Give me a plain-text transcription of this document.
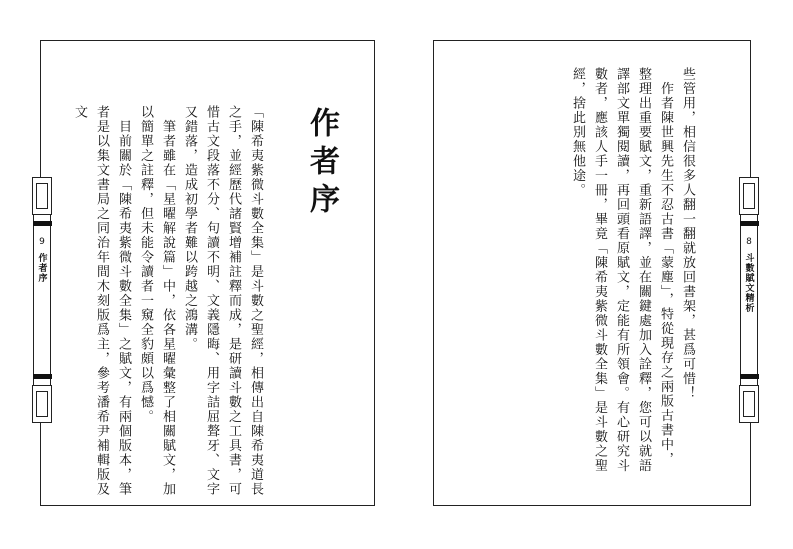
作者序

「陳希夷紫微斗數全集」是斗數之聖經，相傳出自陳希夷道長之手，並經歷代諸賢增補註釋而成，是研讀斗數之工具書，可惜古文段落不分、句讀不明、文義隱晦、用字詰屈聱牙、文字又錯落，造成初學者難以跨越之鴻溝。

　筆者雖在「星曜解說篇」中，依各星曜彙整了相關賦文，加以簡單之註釋，但未能令讀者一窺全豹頗以爲憾。

　目前關於「陳希夷紫微斗數全集」之賦文，有兩個版本，筆者是以集文書局之同治年間木刻版爲主，參考潘希尹補輯版及文

9
作者序	些管用，相信很多人翻一翻就放回書架，甚爲可惜！

　作者陳世興先生不忍古書「蒙塵」，特從現存之兩版古書中，整理出重要賦文，重新語譯，並在關鍵處加入詮釋，您可以就語譯部文單獨閱讀，再回頭看原賦文，定能有所領會。有心研究斗數者，應該人手一冊，畢竟「陳希夷紫微斗數全集」是斗數之聖經，捨此別無他途。

8
斗數賦文精析
